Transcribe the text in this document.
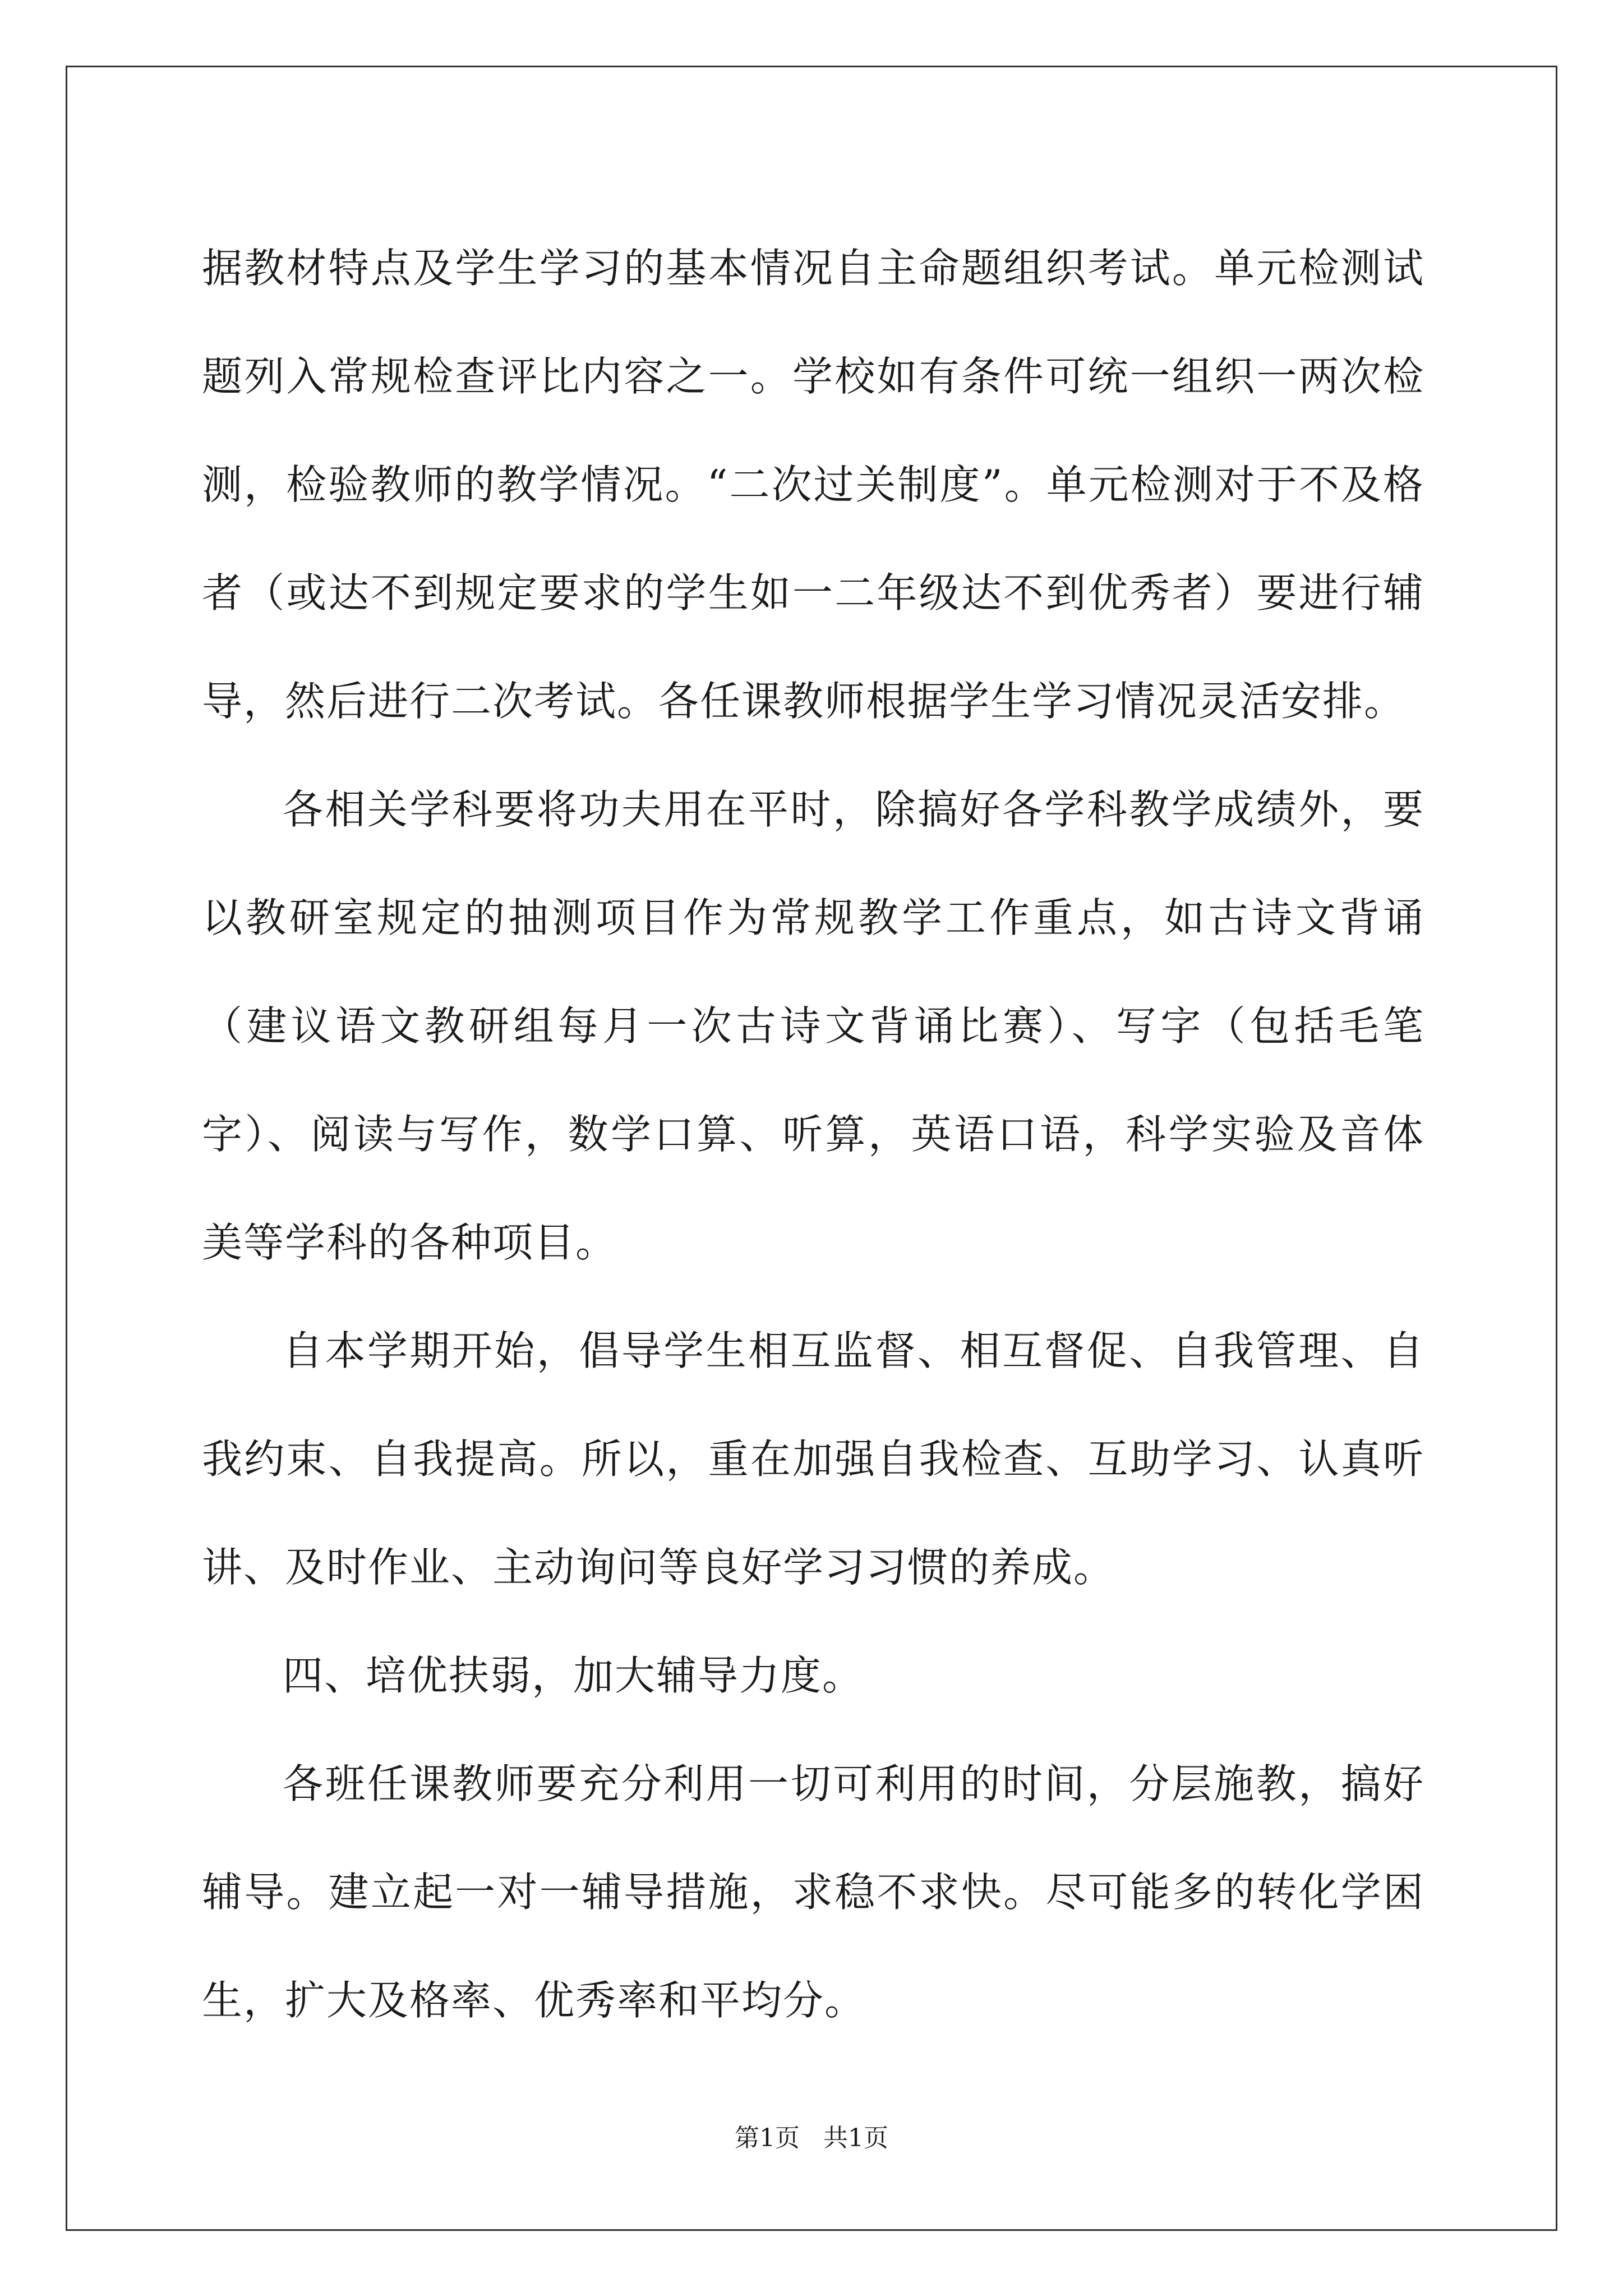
据教材特点及学生学习的基本情况自主命题组织考试。单元检测试题列入常规检查评比内容之一。学校如有条件可统一组织一两次检测，检验教师的教学情况。“二次过关制度”。单元检测对于不及格者（或达不到规定要求的学生如一二年级达不到优秀者）要进行辅导，然后进行二次考试。各任课教师根据学生学习情况灵活安排。

各相关学科要将功夫用在平时，除搞好各学科教学成绩外，要以教研室规定的抽测项目作为常规教学工作重点，如古诗文背诵（建议语文教研组每月一次古诗文背诵比赛）、写字（包括毛笔字）、阅读与写作，数学口算、听算，英语口语，科学实验及音体美等学科的各种项目。

自本学期开始，倡导学生相互监督、相互督促、自我管理、自我约束、自我提高。所以，重在加强自我检查、互助学习、认真听讲、及时作业、主动询问等良好学习习惯的养成。

四、培优扶弱，加大辅导力度。

各班任课教师要充分利用一切可利用的时间，分层施教，搞好辅导。建立起一对一辅导措施，求稳不求快。尽可能多的转化学困生，扩大及格率、优秀率和平均分。

第1页 共1页
